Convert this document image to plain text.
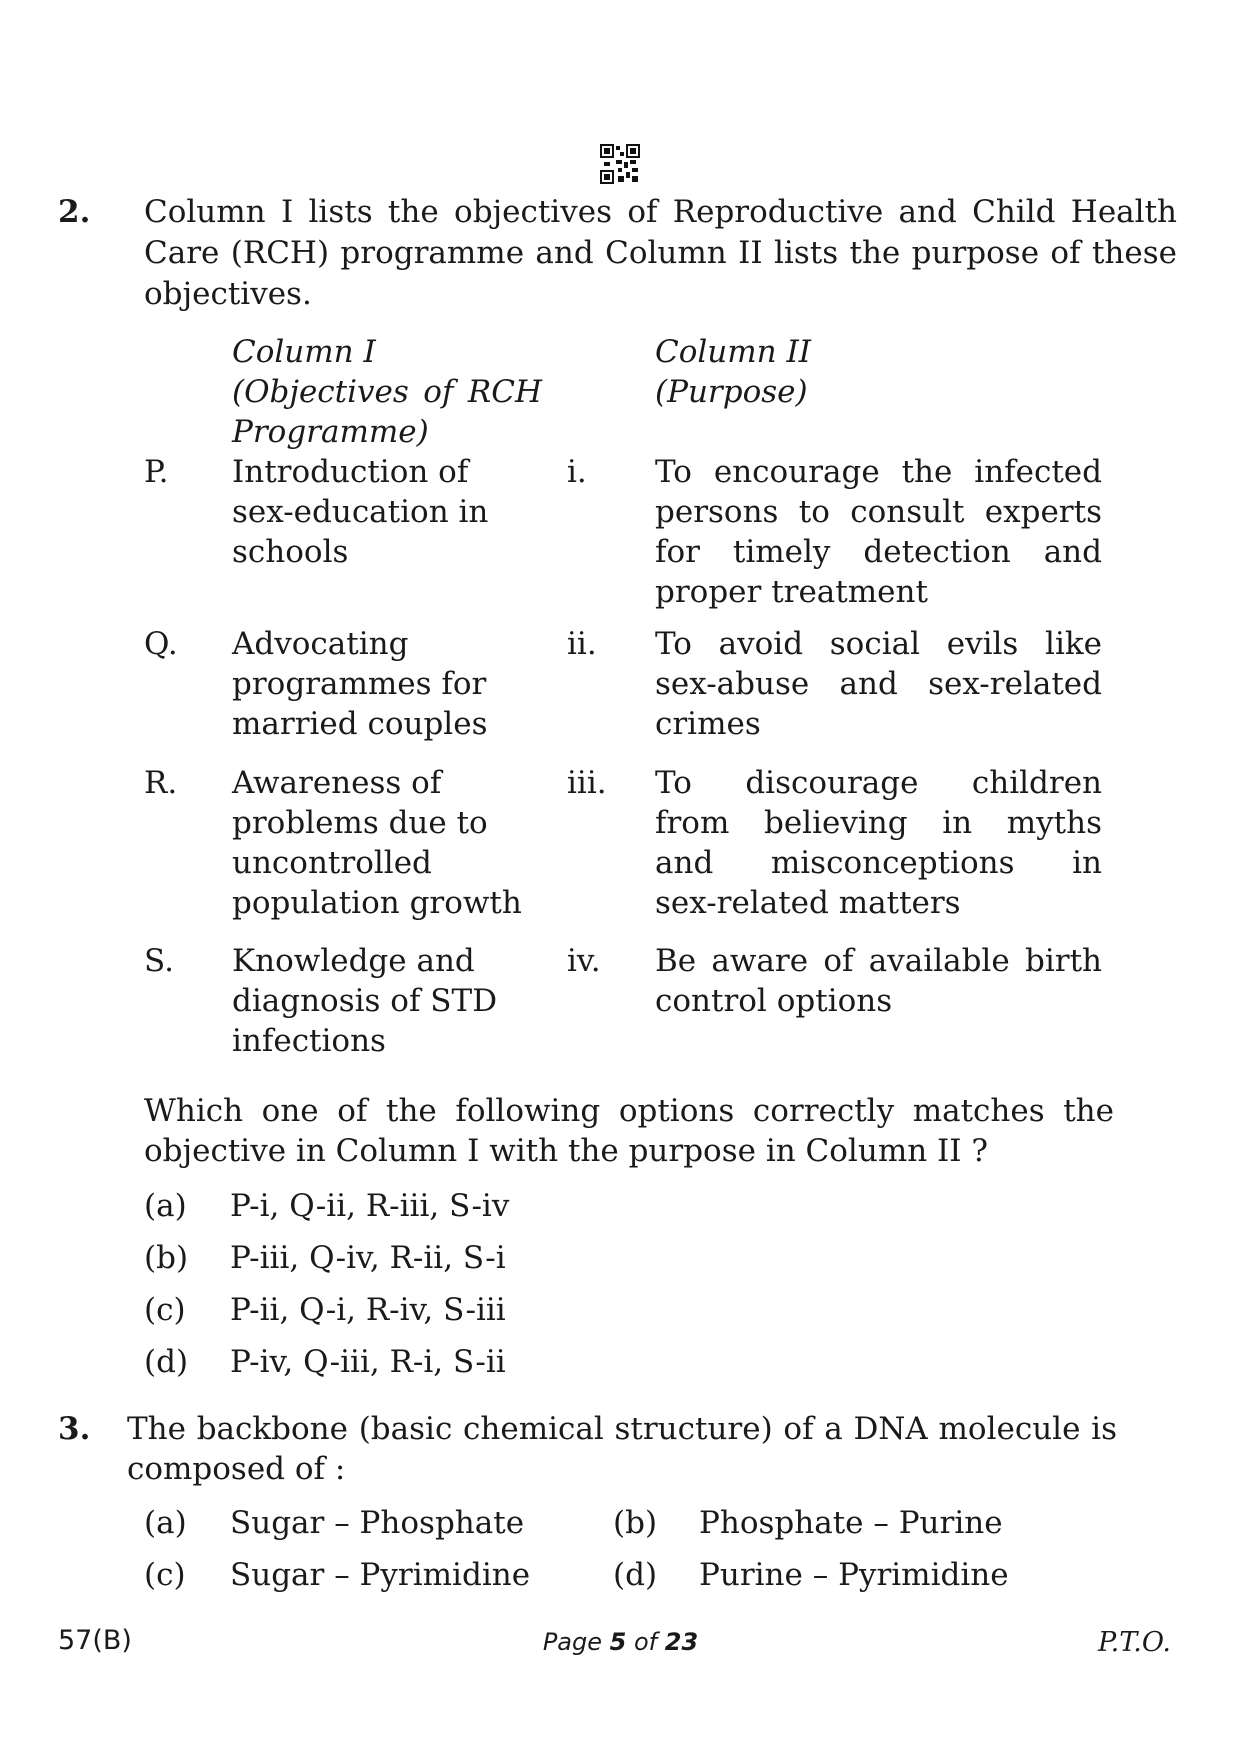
2. Column I lists the objectives of Reproductive and Child Health
Care (RCH) programme and Column II lists the purpose of these
objectives.
Column I
(Objectives of RCH
Programme)
Column II
(Purpose)
P. Introduction of
sex-education in
schools
i. To encourage the infected
persons to consult experts
for timely detection and
proper treatment
Q. Advocating
programmes for
married couples
ii. To avoid social evils like
sex-abuse and sex-related
crimes
R. Awareness of
problems due to
uncontrolled
population growth
iii. To discourage children
from believing in myths
and misconceptions in
sex-related matters
S. Knowledge and
diagnosis of STD
infections
iv. Be aware of available birth
control options
Which one of the following options correctly matches the
objective in Column I with the purpose in Column II ?
(a) P-i, Q-ii, R-iii, S-iv
(b) P-iii, Q-iv, R-ii, S-i
(c) P-ii, Q-i, R-iv, S-iii
(d) P-iv, Q-iii, R-i, S-ii
3. The backbone (basic chemical structure) of a DNA molecule is
composed of :
(a) Sugar – Phosphate	(b) Phosphate – Purine
(c) Sugar – Pyrimidine	(d) Purine – Pyrimidine
57(B)	Page 5 of 23	P.T.O.
